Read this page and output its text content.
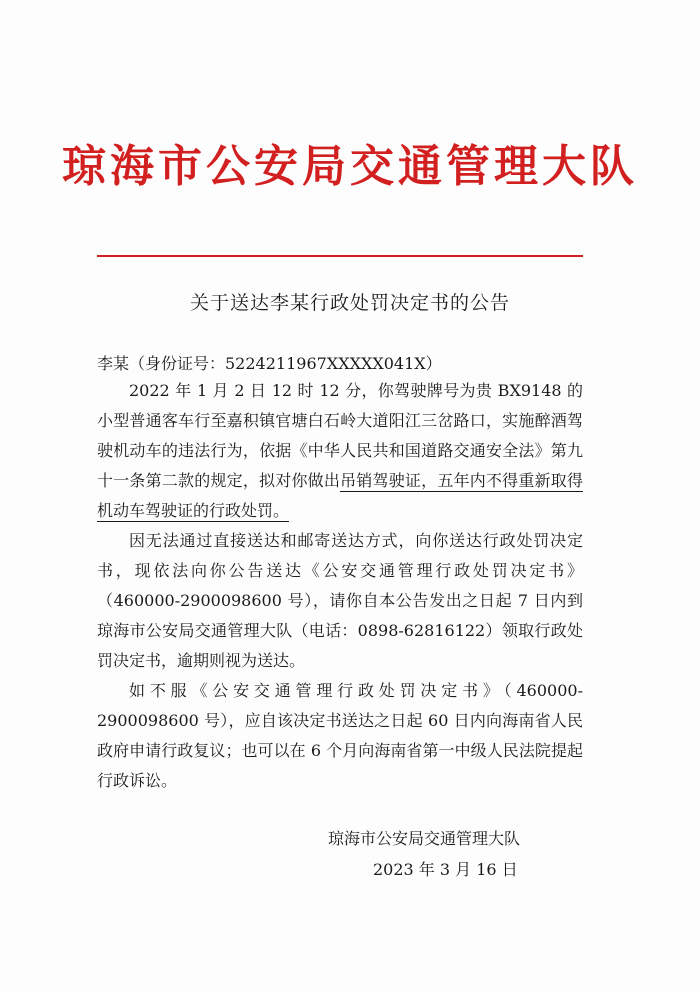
琼海市公安局交通管理大队
关于送达李某行政处罚决定书的公告
李某（身份证号：5224211967XXXXX041X）

2022 年 1 月 2 日 12 时 12 分，你驾驶牌号为贵 BX9148 的小型普通客车行至嘉积镇官塘白石岭大道阳江三岔路口，实施醉酒驾驶机动车的违法行为，依据《中华人民共和国道路交通安全法》第九十一条第二款的规定，拟对你做出吊销驾驶证，五年内不得重新取得机动车驾驶证的行政处罚。

因无法通过直接送达和邮寄送达方式，向你送达行政处罚决定书，现依法向你公告送达《公安交通管理行政处罚决定书》（460000-2900098600 号），请你自本公告发出之日起 7 日内到琼海市公安局交通管理大队（电话：0898-62816122）领取行政处罚决定书，逾期则视为送达。

如不服《公安交通管理行政处罚决定书》（460000-2900098600 号），应自该决定书送达之日起 60 日内向海南省人民政府申请行政复议；也可以在 6 个月向海南省第一中级人民法院提起行政诉讼。

琼海市公安局交通管理大队
2023 年 3 月 16 日
